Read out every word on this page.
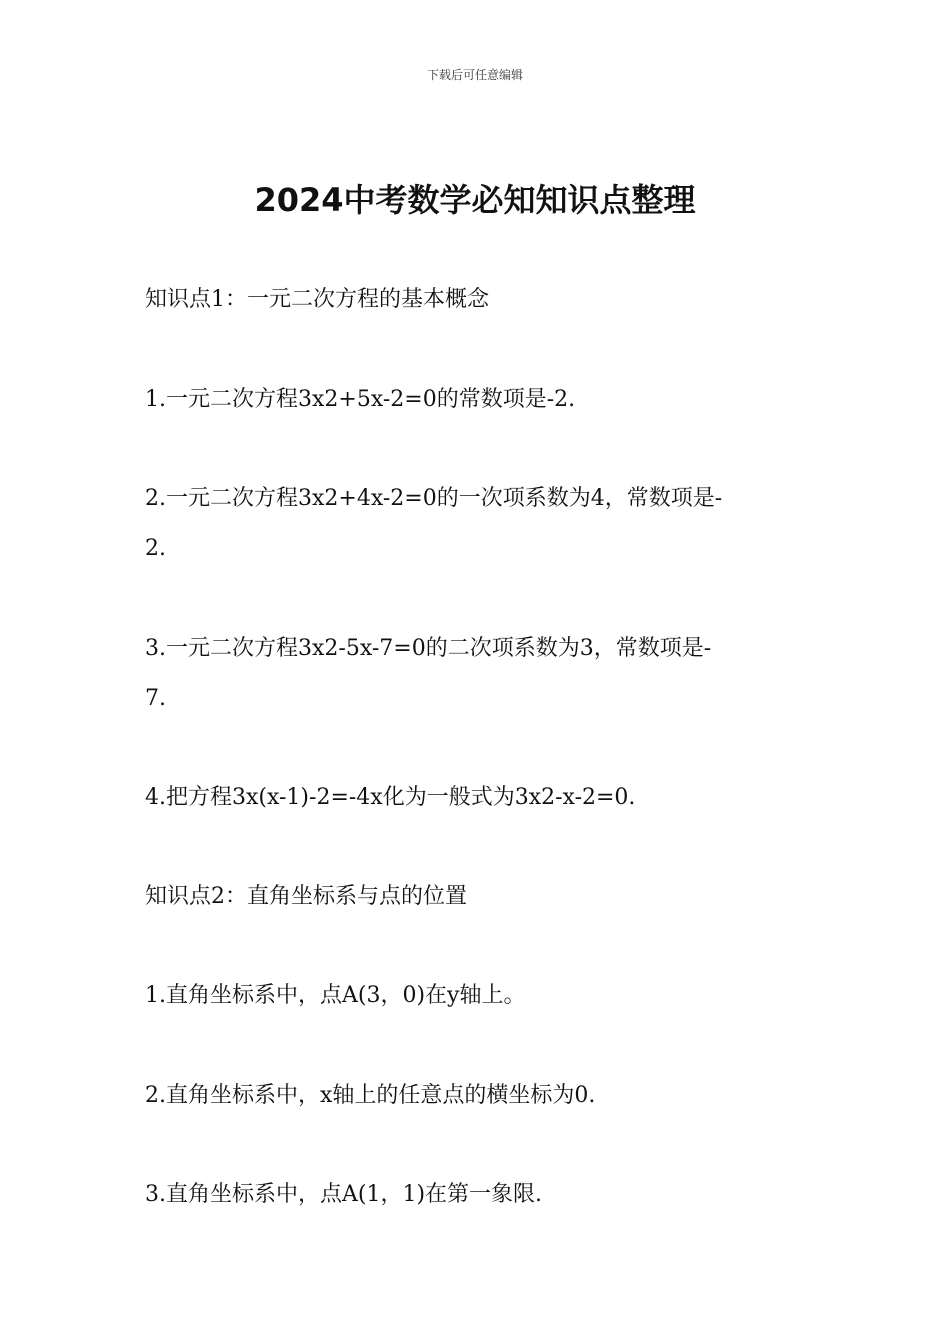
下载后可任意编辑
2024中考数学必知知识点整理
知识点1：一元二次方程的基本概念
1.一元二次方程3x2+5x-2=0的常数项是-2.
2.一元二次方程3x2+4x-2=0的一次项系数为4，常数项是-
2.
3.一元二次方程3x2-5x-7=0的二次项系数为3，常数项是-
7.
4.把方程3x(x-1)-2=-4x化为一般式为3x2-x-2=0.
知识点2：直角坐标系与点的位置
1.直角坐标系中，点A(3，0)在y轴上。
2.直角坐标系中，x轴上的任意点的横坐标为0.
3.直角坐标系中，点A(1，1)在第一象限.
